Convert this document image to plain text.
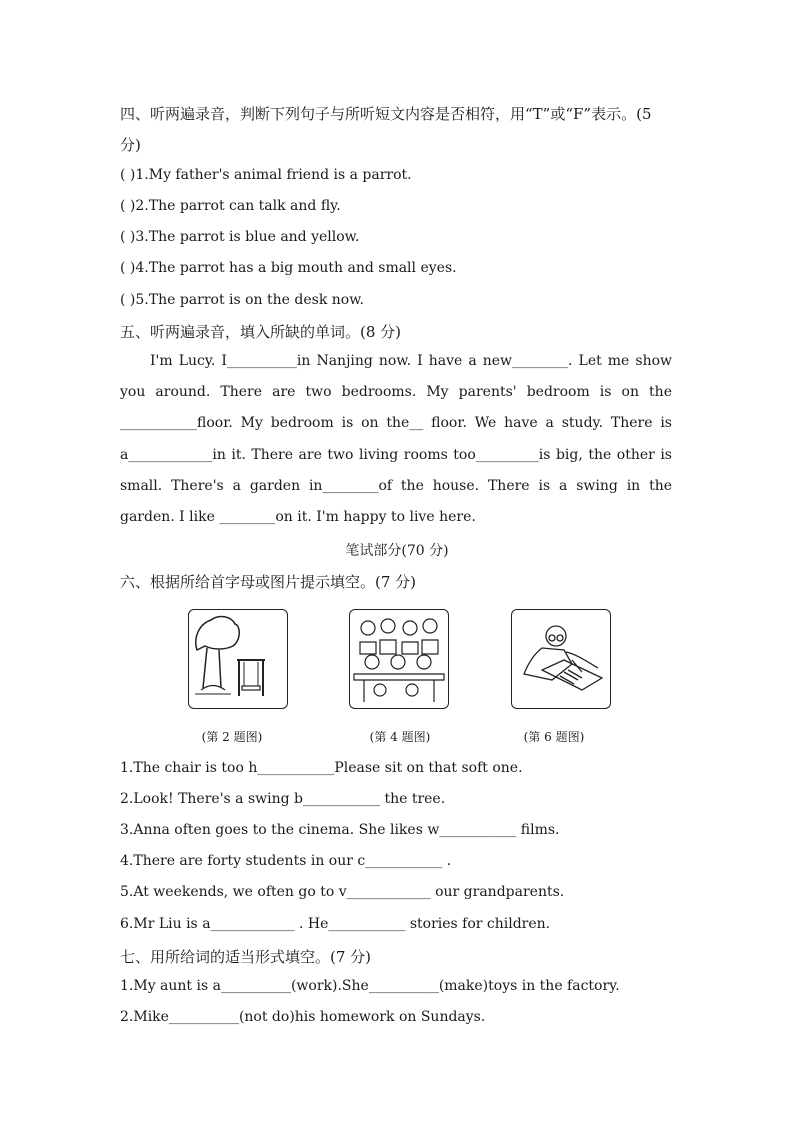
四、听两遍录音，判断下列句子与所听短文内容是否相符，用“T”或“F”表示。(5
分)
( )1.My father's animal friend is a parrot.
( )2.The parrot can talk and fly.
( )3.The parrot is blue and yellow.
( )4.The parrot has a big mouth and small eyes.
( )5.The parrot is on the desk now.
五、听两遍录音，填入所缺的单词。(8 分)
I'm Lucy. I__________in Nanjing now. I have a new________. Let me show you around. There are two bedrooms. My parents' bedroom is on the ___________floor. My bedroom is on the__ floor. We have a study. There is a____________in it. There are two living rooms too_________is big, the other is small. There's a garden in________of the house. There is a swing in the garden. I like ________on it. I'm happy to live here.
笔试部分(70 分)
六、根据所给首字母或图片提示填空。(7 分)
(第 2 题图)	(第 4 题图)	(第 6 题图)
1.The chair is too h___________Please sit on that soft one.
2.Look! There's a swing b___________ the tree.
3.Anna often goes to the cinema. She likes w___________ films.
4.There are forty students in our c___________ .
5.At weekends, we often go to v____________ our grandparents.
6.Mr Liu is a____________ . He___________ stories for children.
七、用所给词的适当形式填空。(7 分)
1.My aunt is a__________(work).She__________(make)toys in the factory.
2.Mike__________(not do)his homework on Sundays.
